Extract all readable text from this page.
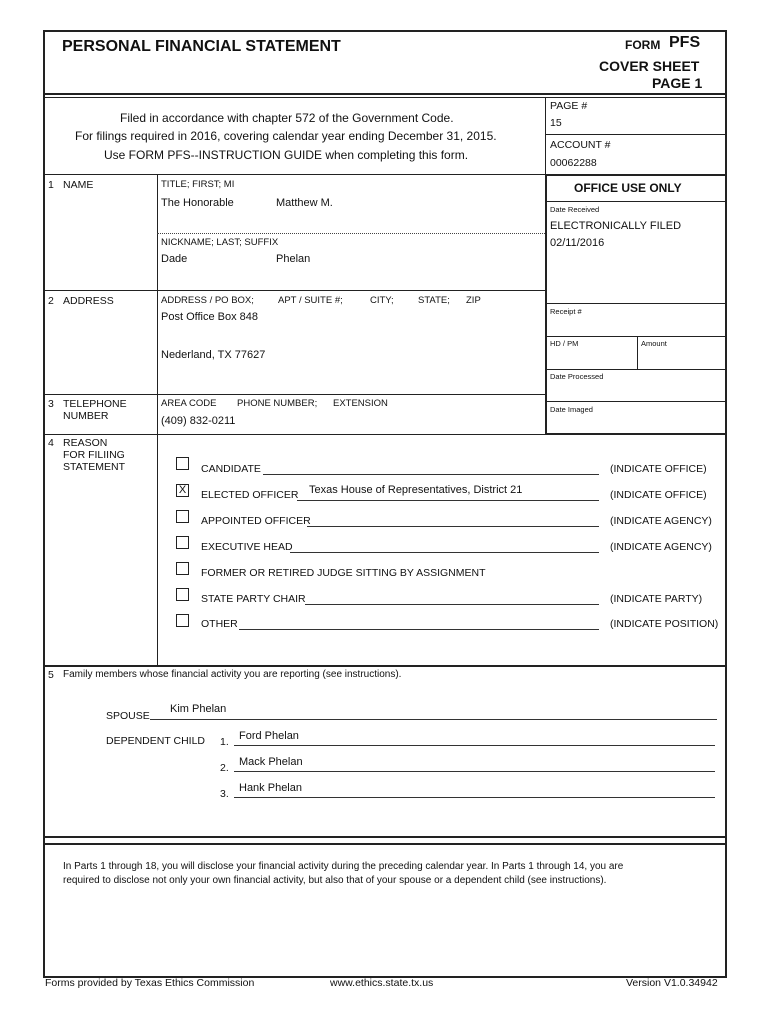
PERSONAL FINANCIAL STATEMENT	FORM PFS
COVER SHEET
PAGE 1
Filed in accordance with chapter 572 of the Government Code.
For filings required in 2016, covering calendar year ending December 31, 2015.
Use FORM PFS--INSTRUCTION GUIDE when completing this form.
PAGE #
15
ACCOUNT #
00062288
1 NAME	TITLE; FIRST; MI
The Honorable	Matthew M.
NICKNAME; LAST; SUFFIX
Dade	Phelan
2 ADDRESS	ADDRESS / PO BOX;	APT / SUITE #;	CITY;	STATE; ZIP
Post Office Box 848
Nederland, TX 77627
3 TELEPHONE
NUMBER
AREA CODE PHONE NUMBER; EXTENSION
(409) 832-0211
OFFICE USE ONLY
Date Received
ELECTRONICALLY FILED
02/11/2016
Receipt #
HD / PM	Amount
Date Processed
Date Imaged
4 REASON
FOR FILIING
STATEMENT	CANDIDATE	(INDICATE OFFICE)
X ELECTED OFFICER Texas House of Representatives, District 21	(INDICATE OFFICE)
APPOINTED OFFICER	(INDICATE AGENCY)
EXECUTIVE HEAD	(INDICATE AGENCY)
FORMER OR RETIRED JUDGE SITTING BY ASSIGNMENT
STATE PARTY CHAIR	(INDICATE PARTY)
OTHER	(INDICATE POSITION)
5 Family members whose financial activity you are reporting (see instructions).
SPOUSE
Kim Phelan
DEPENDENT CHILD 1. Ford Phelan
2. Mack Phelan
3. Hank Phelan
In Parts 1 through 18, you will disclose your financial activity during the preceding calendar year. In Parts 1 through 14, you are
required to disclose not only your own financial activity, but also that of your spouse or a dependent child (see instructions).
Forms provided by Texas Ethics Commission	www.ethics.state.tx.us	Version V1.0.34942
